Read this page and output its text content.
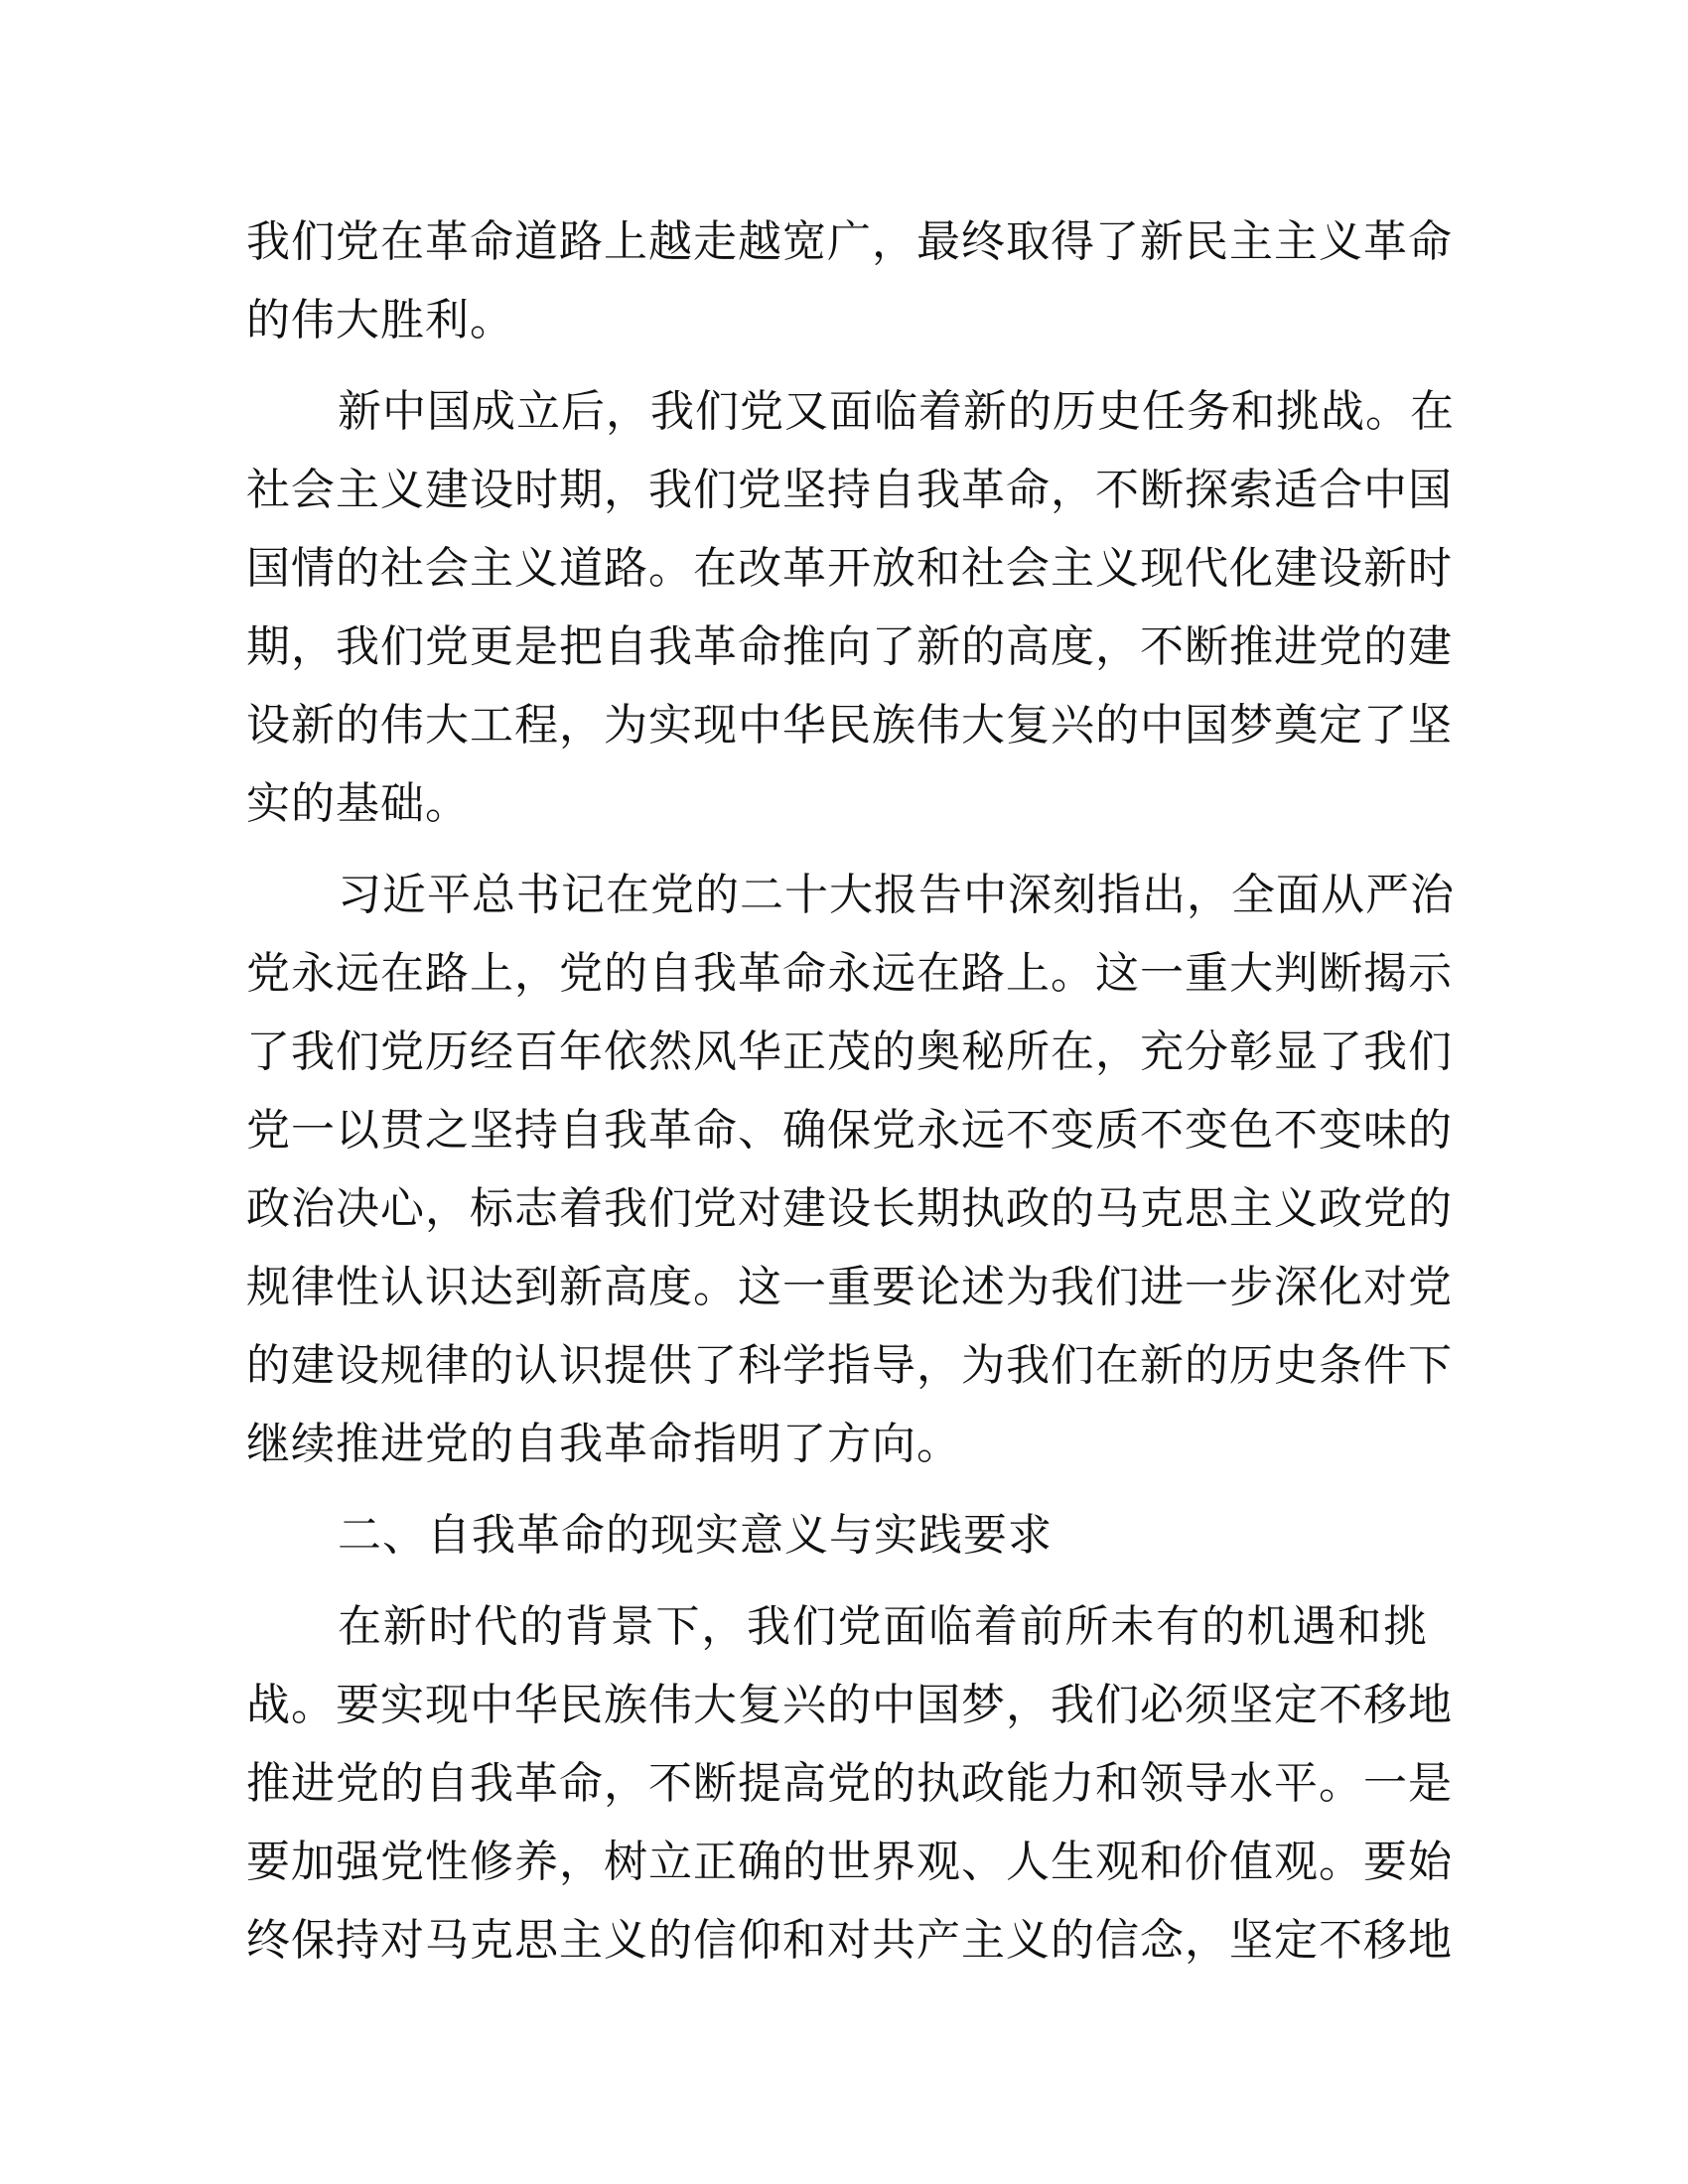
我们党在革命道路上越走越宽广，最终取得了新民主主义革命
的伟大胜利。
新中国成立后，我们党又面临着新的历史任务和挑战。在
社会主义建设时期，我们党坚持自我革命，不断探索适合中国
国情的社会主义道路。在改革开放和社会主义现代化建设新时
期，我们党更是把自我革命推向了新的高度，不断推进党的建
设新的伟大工程，为实现中华民族伟大复兴的中国梦奠定了坚
实的基础。
习近平总书记在党的二十大报告中深刻指出，全面从严治
党永远在路上，党的自我革命永远在路上。这一重大判断揭示
了我们党历经百年依然风华正茂的奥秘所在，充分彰显了我们
党一以贯之坚持自我革命、确保党永远不变质不变色不变味的
政治决心，标志着我们党对建设长期执政的马克思主义政党的
规律性认识达到新高度。这一重要论述为我们进一步深化对党
的建设规律的认识提供了科学指导，为我们在新的历史条件下
继续推进党的自我革命指明了方向。
二、自我革命的现实意义与实践要求
在新时代的背景下，我们党面临着前所未有的机遇和挑
战。要实现中华民族伟大复兴的中国梦，我们必须坚定不移地
推进党的自我革命，不断提高党的执政能力和领导水平。一是
要加强党性修养，树立正确的世界观、人生观和价值观。要始
终保持对马克思主义的信仰和对共产主义的信念，坚定不移地
